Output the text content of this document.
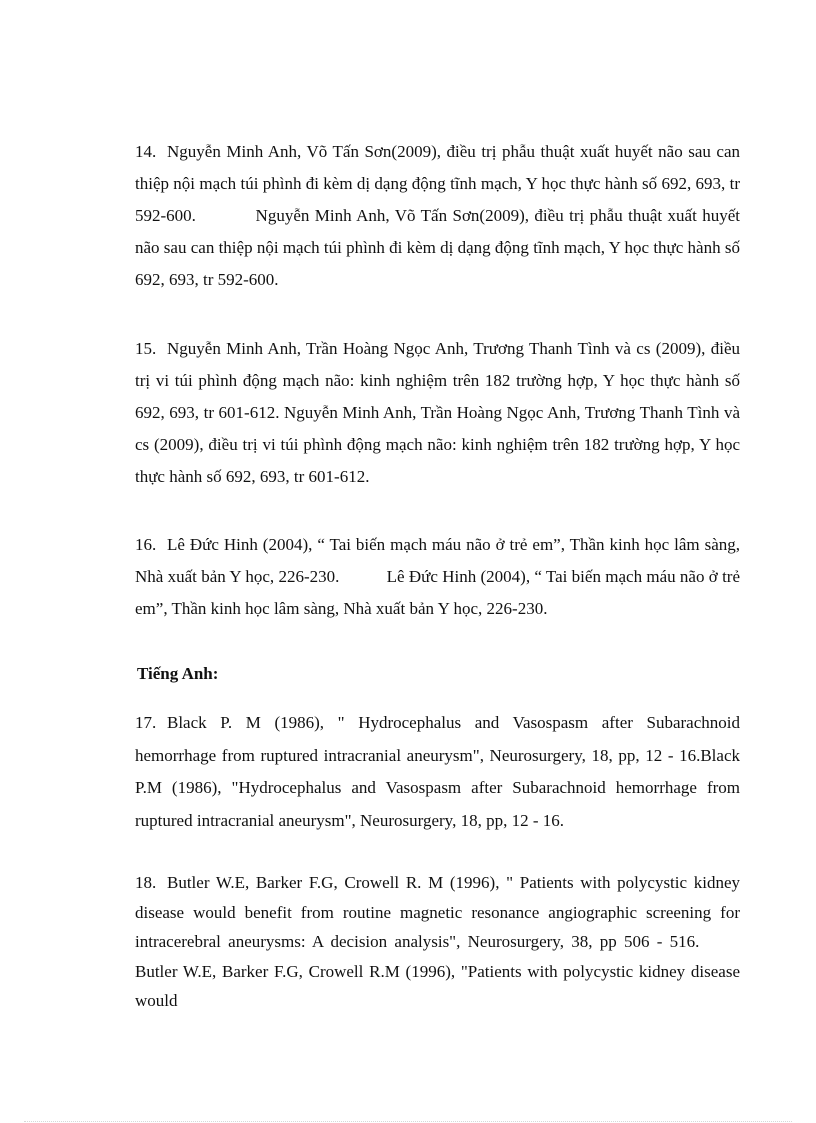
14. Nguyễn Minh Anh, Võ Tấn Sơn(2009), điều trị phẫu thuật xuất huyết não sau can thiệp nội mạch túi phình đi kèm dị dạng động tĩnh mạch, Y học thực hành số 692, 693, tr 592-600.           Nguyễn Minh Anh, Võ Tấn Sơn(2009), điều trị phẫu thuật xuất huyết não sau can thiệp nội mạch túi phình đi kèm dị dạng động tĩnh mạch, Y học thực hành số 692, 693, tr 592-600.
15. Nguyễn Minh Anh, Trần Hoàng Ngọc Anh, Trương Thanh Tình và cs (2009), điều trị vi túi phình động mạch não: kinh nghiệm trên 182 trường hợp, Y học thực hành số 692, 693, tr 601-612. Nguyễn Minh Anh, Trần Hoàng Ngọc Anh, Trương Thanh Tình và cs (2009), điều trị vi túi phình động mạch não: kinh nghiệm trên 182 trường hợp, Y học thực hành số 692, 693, tr 601-612.
16. Lê Đức Hinh (2004), “ Tai biến mạch máu não ở trẻ em”, Thần kinh học lâm sàng, Nhà xuất bản Y học, 226-230.           Lê Đức Hinh (2004), “ Tai biến mạch máu não ở trẻ em”, Thần kinh học lâm sàng, Nhà xuất bản Y học, 226-230.
Tiếng Anh:
17. Black P. M (1986), " Hydrocephalus and Vasospasm after Subarachnoid hemorrhage from ruptured intracranial aneurysm", Neurosurgery, 18, pp, 12 - 16.Black P.M (1986), "Hydrocephalus and Vasospasm after Subarachnoid hemorrhage from ruptured intracranial aneurysm", Neurosurgery, 18, pp, 12 - 16.
18. Butler W.E, Barker F.G, Crowell R. M (1996), " Patients with polycystic kidney disease would benefit from routine magnetic resonance angiographic screening for intracerebral aneurysms: A decision analysis", Neurosurgery, 38, pp 506 - 516.       Butler W.E, Barker F.G, Crowell R.M (1996), "Patients with polycystic kidney disease would
